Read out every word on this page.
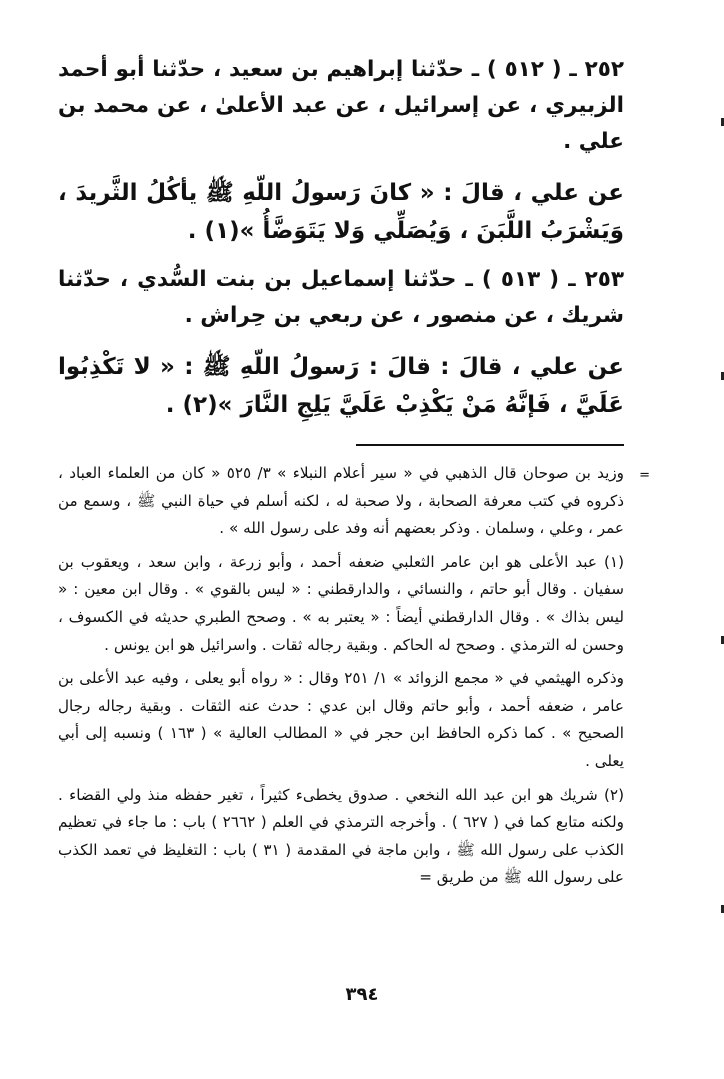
٢٥٢ ـ ( ٥١٢ ) ـ حدّثنا إبراهيم بن سعيد ، حدّثنا أبو أحمد الزبيري ، عن إسرائيل ، عن عبد الأعلىٰ ، عن محمد بن علي .

عن علي ، قالَ : « كانَ رَسولُ اللّهِ ﷺ يأكُلُ الثَّريدَ ، وَيَشْرَبُ اللَّبَنَ ، وَيُصَلِّي وَلا يَتَوَضَّأُ »(١) .

٢٥٣ ـ ( ٥١٣ ) ـ حدّثنا إسماعيل بن بنت السُّدي ، حدّثنا شريك ، عن منصور ، عن ربعي بن حِراش .

عن علي ، قالَ : قالَ : رَسولُ اللّهِ ﷺ : « لا تَكْذِبُوا عَلَيَّ ، فَإنَّهُ مَنْ يَكْذِبْ عَلَيَّ يَلِجِ النَّارَ »(٢) .

=

وزيد بن صوحان قال الذهبي في « سير أعلام النبلاء » ٣/ ٥٢٥ « كان من العلماء العباد ، ذكروه في كتب معرفة الصحابة ، ولا صحبة له ، لكنه أسلم في حياة النبي ﷺ ، وسمع من عمر ، وعلي ، وسلمان . وذكر بعضهم أنه وفد على رسول الله » .

(١) عبد الأعلى هو ابن عامر الثعلبي ضعفه أحمد ، وأبو زرعة ، وابن سعد ، ويعقوب بن سفيان . وقال أبو حاتم ، والنسائي ، والدارقطني : « ليس بالقوي » . وقال ابن معين : « ليس بذاك » . وقال الدارقطني أيضاً : « يعتبر به » . وصحح الطبري حديثه في الكسوف ، وحسن له الترمذي . وصحح له الحاكم . وبقية رجاله ثقات . واسرائيل هو ابن يونس .

وذكره الهيثمي في « مجمع الزوائد » ١/ ٢٥١ وقال : « رواه أبو يعلى ، وفيه عبد الأعلى بن عامر ، ضعفه أحمد ، وأبو حاتم وقال ابن عدي : حدث عنه الثقات . وبقية رجاله رجال الصحيح » . كما ذكره الحافظ ابن حجر في « المطالب العالية » ( ١٦٣ ) ونسبه إلى أبي يعلى .

(٢) شريك هو ابن عبد الله النخعي . صدوق يخطىء كثيراً ، تغير حفظه منذ ولي القضاء . ولكنه متابع كما في ( ٦٢٧ ) . وأخرجه الترمذي في العلم ( ٢٦٦٢ ) باب : ما جاء في تعظيم الكذب على رسول الله ﷺ ، وابن ماجة في المقدمة ( ٣١ ) باب : التغليظ في تعمد الكذب على رسول الله ﷺ من طريق =

٣٩٤
